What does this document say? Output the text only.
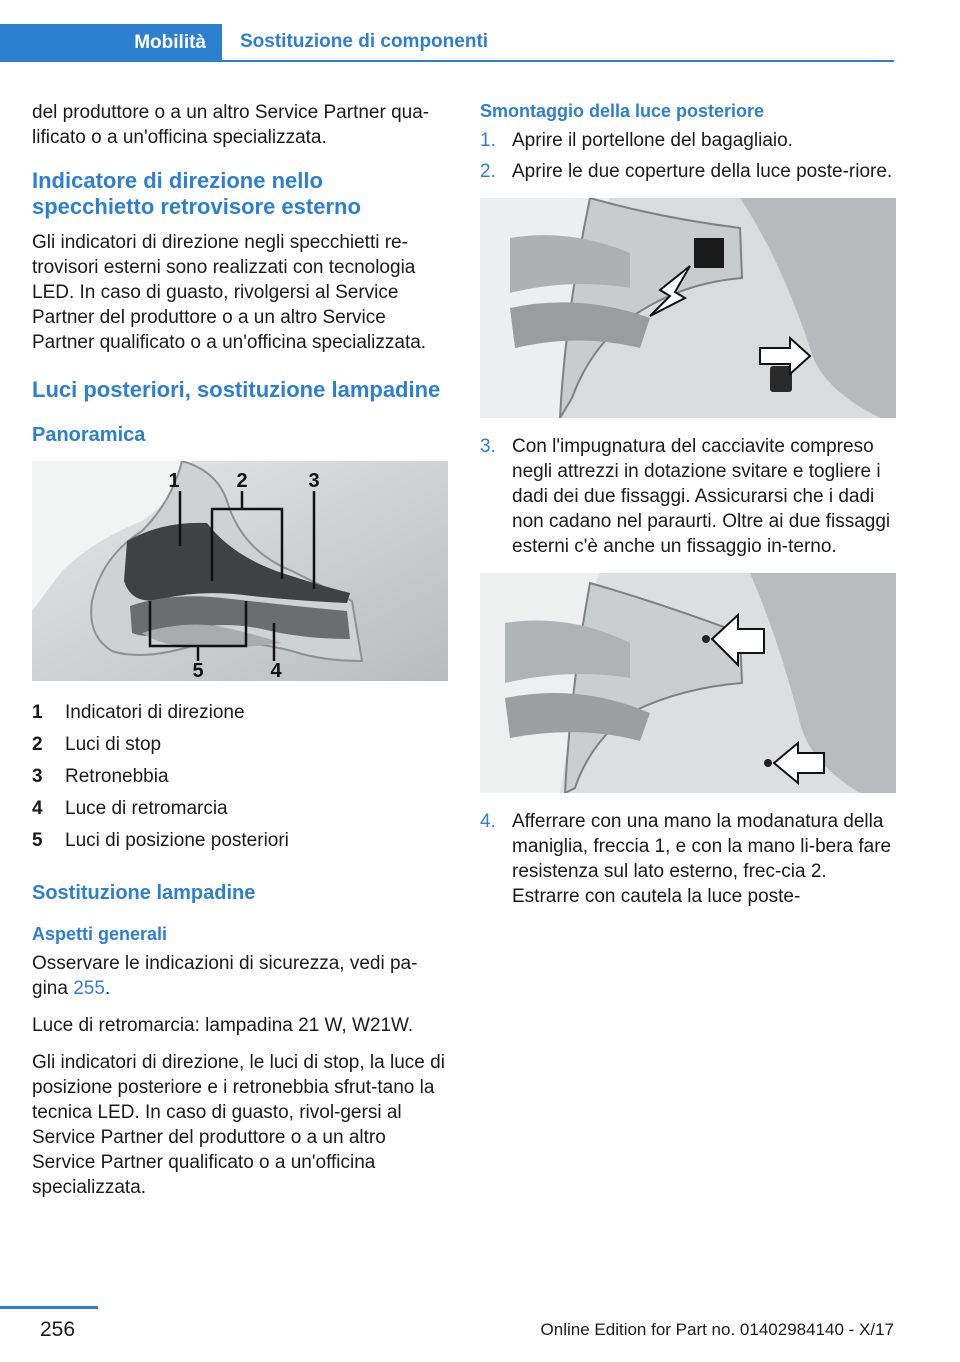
Mobilità Sostituzione di componenti

del produttore o a un altro Service Partner qua-lificato o a un'officina specializzata.

Indicatore di direzione nello specchietto retrovisore esterno

Gli indicatori di direzione negli specchietti re-trovisori esterni sono realizzati con tecnologia LED. In caso di guasto, rivolgersi al Service Partner del produttore o a un altro Service Partner qualificato o a un'officina specializzata.

Luci posteriori, sostituzione lampadine
Panoramica
1	2	3
4
5
1	Indicatori di direzione
2	Luci di stop
3	Retronebbia
4	Luce di retromarcia
5	Luci di posizione posteriori
Sostituzione lampadine
Aspetti generali

Osservare le indicazioni di sicurezza, vedi pa-gina 255.

Luce di retromarcia: lampadina 21 W, W21W.

Gli indicatori di direzione, le luci di stop, la luce di posizione posteriore e i retronebbia sfrut-tano la tecnica LED. In caso di guasto, rivol-gersi al Service Partner del produttore o a un altro Service Partner qualificato o a un'officina specializzata.

Smontaggio della luce posteriore
1. Aprire il portellone del bagagliaio.
2. Aprire le due coperture della luce poste-riore.
3. Con l'impugnatura del cacciavite compreso negli attrezzi in dotazione svitare e togliere i dadi dei due fissaggi. Assicurarsi che i dadi non cadano nel paraurti. Oltre ai due fissaggi esterni c'è anche un fissaggio in-terno.
4. Afferrare con una mano la modanatura della maniglia, freccia 1, e con la mano li-bera fare resistenza sul lato esterno, frec-cia 2. Estrarre con cautela la luce poste-
256	Online Edition for Part no. 01402984140 - X/17
